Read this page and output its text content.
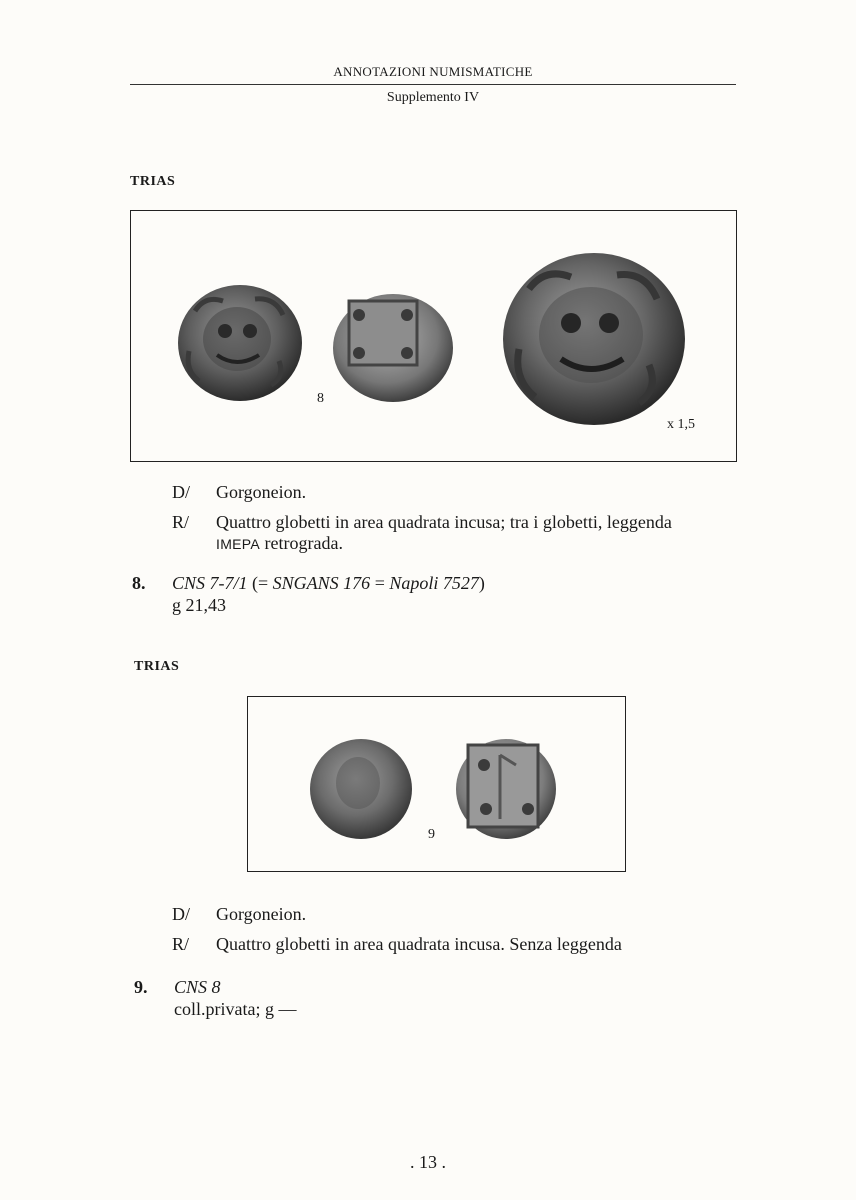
ANNOTAZIONI NUMISMATICHE
Supplemento IV
TRIAS
8
x 1,5
D/ Gorgoneion.
R/ Quattro globetti in area quadrata incusa; tra i globetti, leggenda
IMEPA retrograda.
8. CNS 7-7/1 (= SNGANS 176 = Napoli 7527)
g 21,43
TRIAS
9
D/ Gorgoneion.
R/ Quattro globetti in area quadrata incusa. Senza leggenda
9. CNS 8
coll.privata; g —
. 13 .
